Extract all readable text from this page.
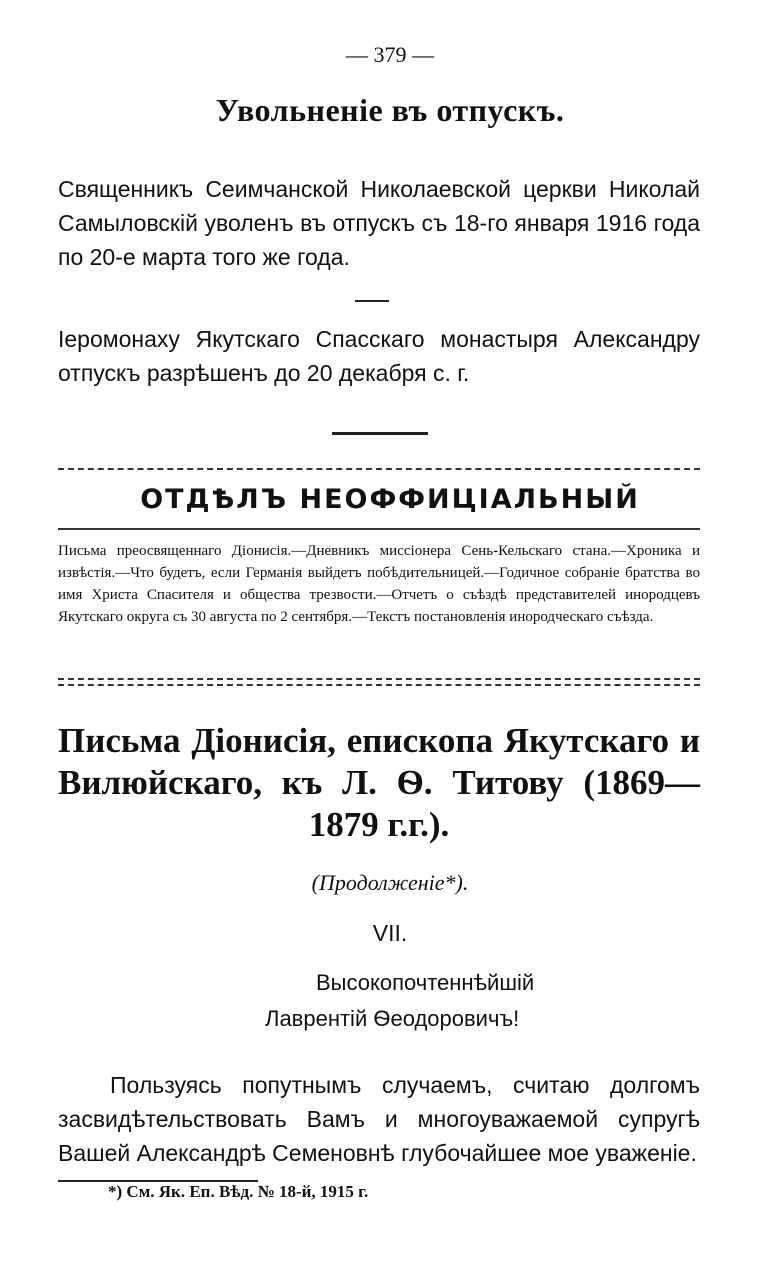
— 379 —
Увольненіе въ отпускъ.
Священникъ Сеимчанской Николаевской церкви Николай Самыловскій уволенъ въ отпускъ съ 18-го января 1916 года по 20-е марта того же года.
Іеромонаху Якутскаго Спасскаго монастыря Александру отпускъ разрѣшенъ до 20 декабря с. г.
ОТДѢЛЪ НЕОФФИЦІАЛЬНЫЙ
Письма преосвященнаго Діонисія.—Дневникъ миссіонера Сень-Кельскаго стана.—Хроника и извѣстія.—Что будетъ, если Германія выйдетъ побѣдительницей.—Годичное собраніе братства во имя Христа Спасителя и общества трезвости.—Отчетъ о съѣздѣ представителей инородцевъ Якутскаго округа съ 30 августа по 2 сентября.—Текстъ постановленія инородческаго съѣзда.
Письма Діонисія, епископа Якутскаго и
Вилюйскаго, къ Л. Ѳ. Титову (1869—
1879 г.г.).
(Продолженіе*).
VII.
Высокопочтеннѣйшій
Лаврентій Ѳеодоровичъ!
Пользуясь попутнымъ случаемъ, считаю долгомъ засвидѣтельствовать Вамъ и многоуважаемой супругѣ Вашей Александрѣ Семеновнѣ глубочайшее мое уваженіе.
*) См. Як. Еп. Вѣд. № 18-й, 1915 г.
